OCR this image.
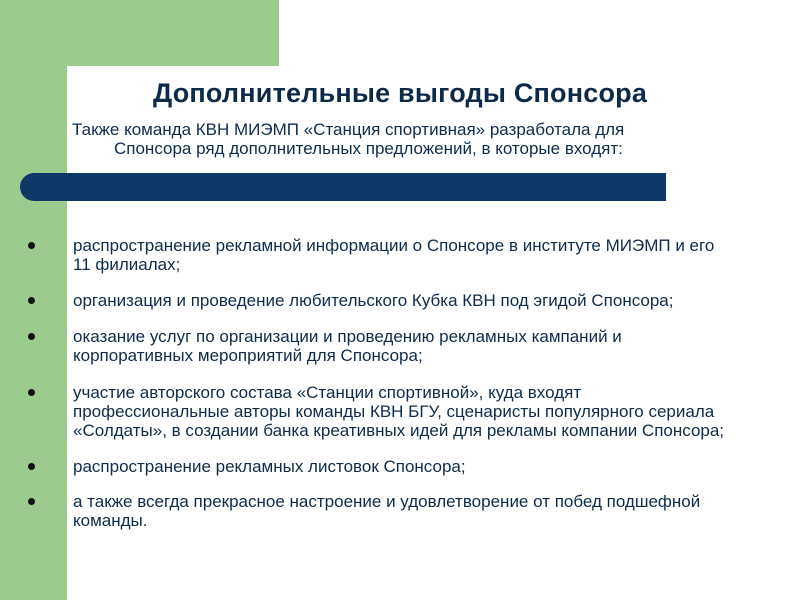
Дополнительные выгоды Спонсора
Также команда КВН МИЭМП «Станция спортивная» разработала для
Спонсора ряд дополнительных предложений, в которые входят:
распространение рекламной информации о Спонсоре в институте МИЭМП и его 11 филиалах;
организация и проведение любительского Кубка КВН под эгидой Спонсора;
оказание услуг по организации и проведению рекламных кампаний и корпоративных мероприятий для Спонсора;
участие авторского состава «Станции спортивной», куда входят профессиональные авторы команды КВН БГУ, сценаристы популярного сериала «Солдаты», в создании банка креативных идей для рекламы компании Спонсора;
распространение рекламных листовок Спонсора;
а также всегда прекрасное настроение и удовлетворение от побед подшефной команды.
